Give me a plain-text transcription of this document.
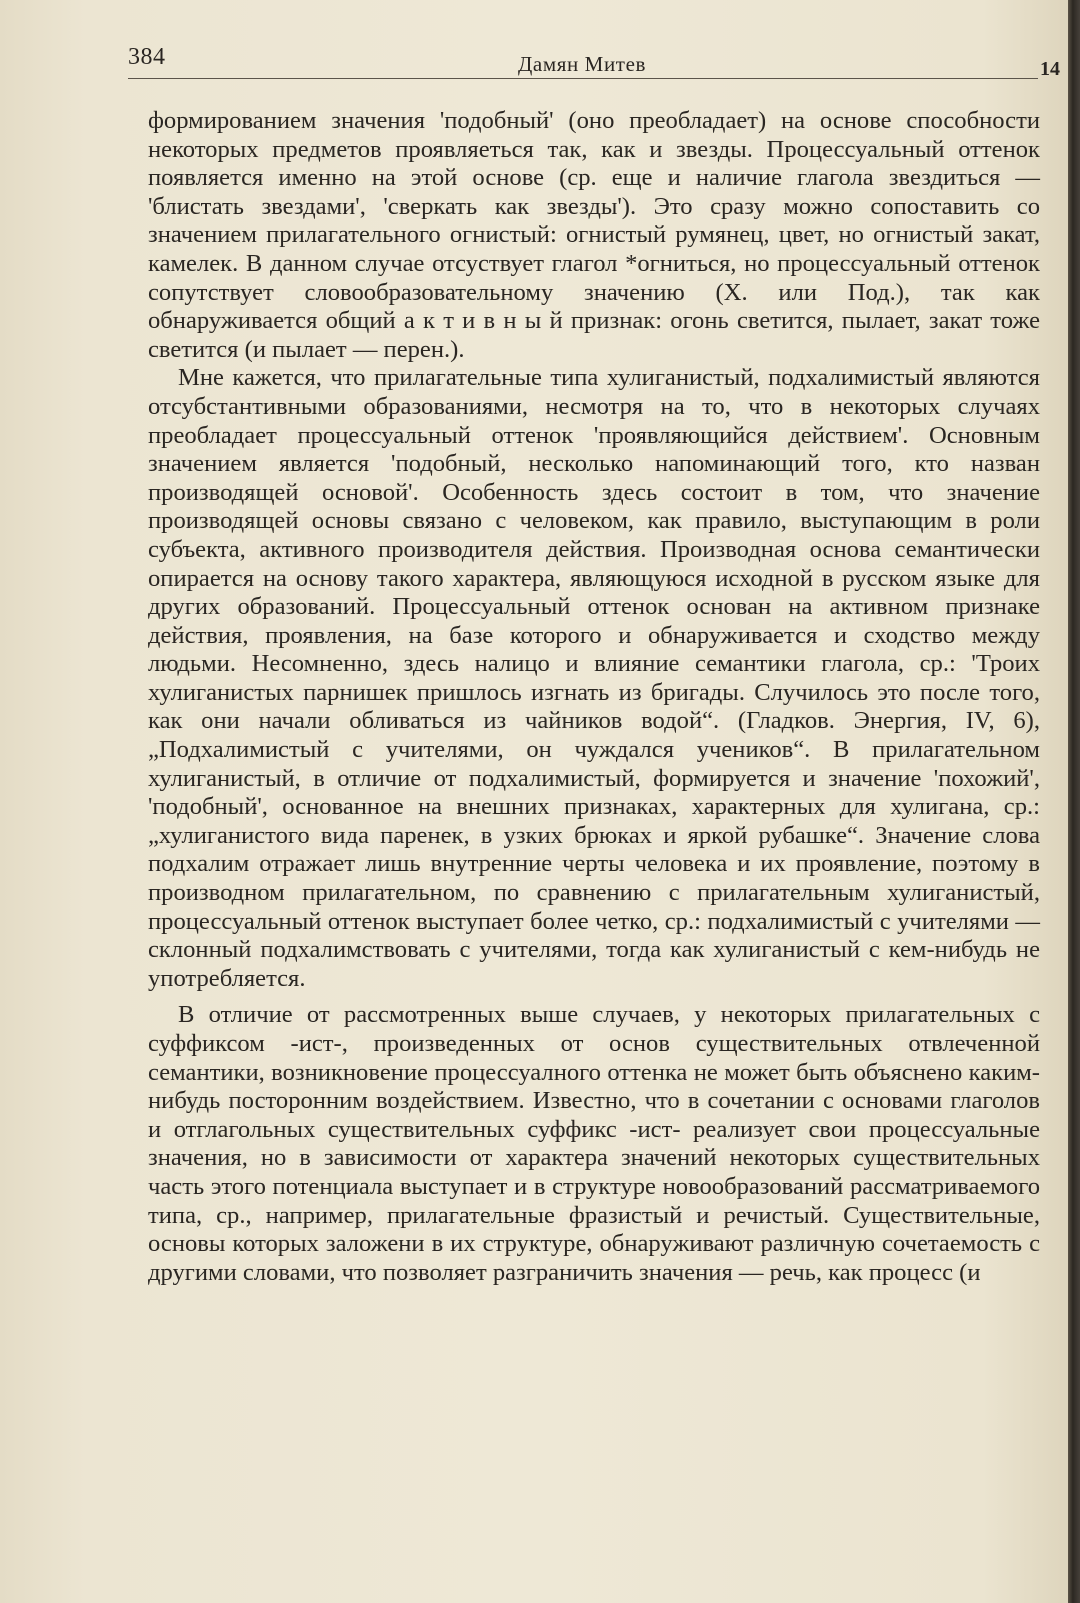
384	Дамян Митев	14

формированием значения 'подобный' (оно преобладает) на основе способности некоторых предметов проявляеться так, как и звезды. Процессуальный оттенок появляется именно на этой основе (ср. еще и наличие глагола звездиться — 'блистать звездами', 'сверкать как звезды'). Это сразу можно сопоставить со значением прилагательного огнистый: огнистый румянец, цвет, но огнистый закат, камелек. В данном случае отсуствует глагол *огниться, но процессуальный оттенок сопутствует словообразовательному значению (Х. или Под.), так как обнаруживается общий а к т и в н ы й признак: огонь светится, пылает, закат тоже светится (и пылает — перен.).

Мне кажется, что прилагательные типа хулиганистый, подхалимистый являются отсубстантивными образованиями, несмотря на то, что в некоторых случаях преобладает процессуальный оттенок 'проявляющийся действием'. Основным значением является 'подобный, несколько напоминающий того, кто назван производящей основой'. Особенность здесь состоит в том, что значение производящей основы связано с человеком, как правило, выступающим в роли субъекта, активного производителя действия. Производная основа семантически опирается на основу такого характера, являющуюся исходной в русском языке для других образований. Процессуальный оттенок основан на активном признаке действия, проявления, на базе которого и обнаруживается и сходство между людьми. Несомненно, здесь налицо и влияние семантики глагола, ср.: 'Троих хулиганистых парнишек пришлось изгнать из бригады. Случилось это после того, как они начали обливаться из чайников водой“. (Гладков. Энергия, IV, 6), „Подхалимистый с учителями, он чуждался учеников“. В прилагательном хулиганистый, в отличие от подхалимистый, формируется и значение 'похожий', 'подобный', основанное на внешних признаках, характерных для хулигана, ср.: „хулиганистого вида паренек, в узких брюках и яркой рубашке“. Значение слова подхалим отражает лишь внутренние черты человека и их проявление, поэтому в производном прилагательном, по сравнению с прилагательным хулиганистый, процессуальный оттенок выступает более четко, ср.: подхалимистый с учителями — склонный подхалимствовать с учителями, тогда как хулиганистый с кем-нибудь не употребляется.

В отличие от рассмотренных выше случаев, у некоторых прилагательных с суффиксом -ист-, произведенных от основ существительных отвлеченной семантики, возникновение процессуалного оттенка не может быть объяснено каким-нибудь посторонним воздействием. Известно, что в сочетании с основами глаголов и отглагольных существительных суффикс -ист- реализует свои процессуальные значения, но в зависимости от характера значений некоторых существительных часть этого потенциала выступает и в структуре новообразований рассматриваемого типа, ср., например, прилагательные фразистый и речистый. Существительные, основы которых заложени в их структуре, обнаруживают различную сочетаемость с другими словами, что позволяет разграничить значения — речь, как процесс (и
